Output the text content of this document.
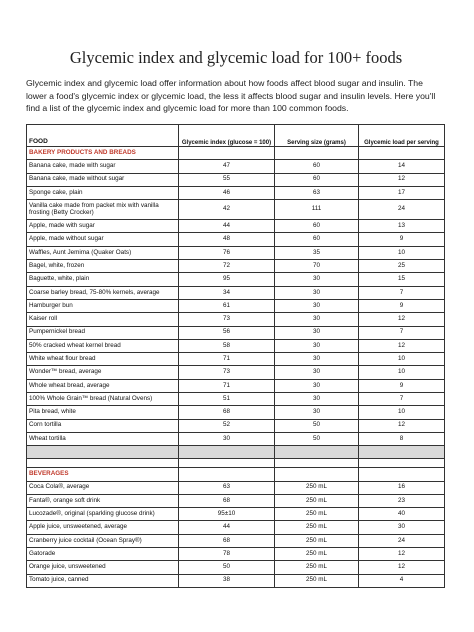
Glycemic index and glycemic load for 100+ foods
Glycemic index and glycemic load offer information about how foods affect blood sugar and insulin. The lower a food's glycemic index or glycemic load, the less it affects blood sugar and insulin levels. Here you'll find a list of the glycemic index and glycemic load for more than 100 common foods.
FOOD	Glycemic index (glucose = 100)	Serving size (grams)	Glycemic load per serving
BAKERY PRODUCTS AND BREADS			
Banana cake, made with sugar	47	60	14
Banana cake, made without sugar	55	60	12
Sponge cake, plain	46	63	17
Vanilla cake made from packet mix with vanilla frosting (Betty Crocker)	42	111	24
Apple, made with sugar	44	60	13
Apple, made without sugar	48	60	9
Waffles, Aunt Jemima (Quaker Oats)	76	35	10
Bagel, white, frozen	72	70	25
Baguette, white, plain	95	30	15
Coarse barley bread, 75-80% kernels, average	34	30	7
Hamburger bun	61	30	9
Kaiser roll	73	30	12
Pumpernickel bread	56	30	7
50% cracked wheat kernel bread	58	30	12
White wheat flour bread	71	30	10
Wonder™ bread, average	73	30	10
Whole wheat bread, average	71	30	9
100% Whole Grain™ bread (Natural Ovens)	51	30	7
Pita bread, white	68	30	10
Corn tortilla	52	50	12
Wheat tortilla	30	50	8

BEVERAGES			
Coca Cola®, average	63	250 mL	16
Fanta®, orange soft drink	68	250 mL	23
Lucozade®, original (sparkling glucose drink)	95±10	250 mL	40
Apple juice, unsweetened, average	44	250 mL	30
Cranberry juice cocktail (Ocean Spray®)	68	250 mL	24
Gatorade	78	250 mL	12
Orange juice, unsweetened	50	250 mL	12
Tomato juice, canned	38	250 mL	4
